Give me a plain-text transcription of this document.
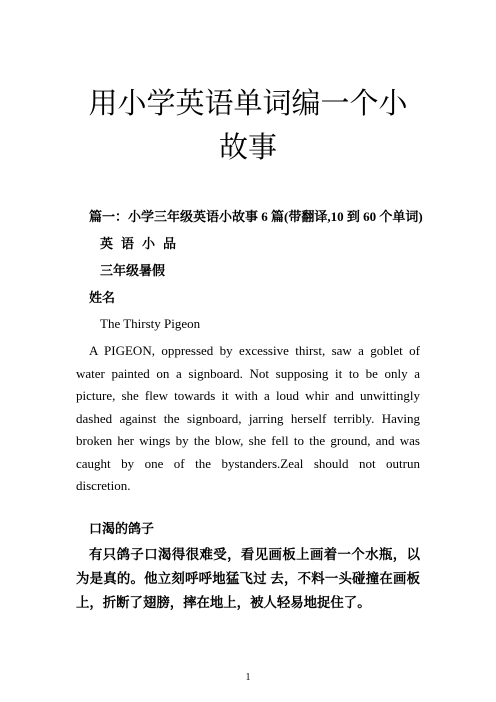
用小学英语单词编一个小
故事
篇一：小学三年级英语小故事 6 篇(带翻译,10 到 60 个单词)
英语小品
三年级暑假
姓名
The Thirsty Pigeon
A PIGEON, oppressed by excessive thirst, saw a goblet of water painted on a signboard. Not supposing it to be only a picture, she flew towards it with a loud whir and unwittingly dashed against the signboard, jarring herself terribly. Having broken her wings by the blow, she fell to the ground, and was caught by one of the bystanders.Zeal should not outrun discretion.
口渴的鸽子
有只鸽子口渴得很难受，看见画板上画着一个水瓶，以为是真的。他立刻呼呼地猛飞过 去，不料一头碰撞在画板上，折断了翅膀，摔在地上，被人轻易地捉住了。
1
